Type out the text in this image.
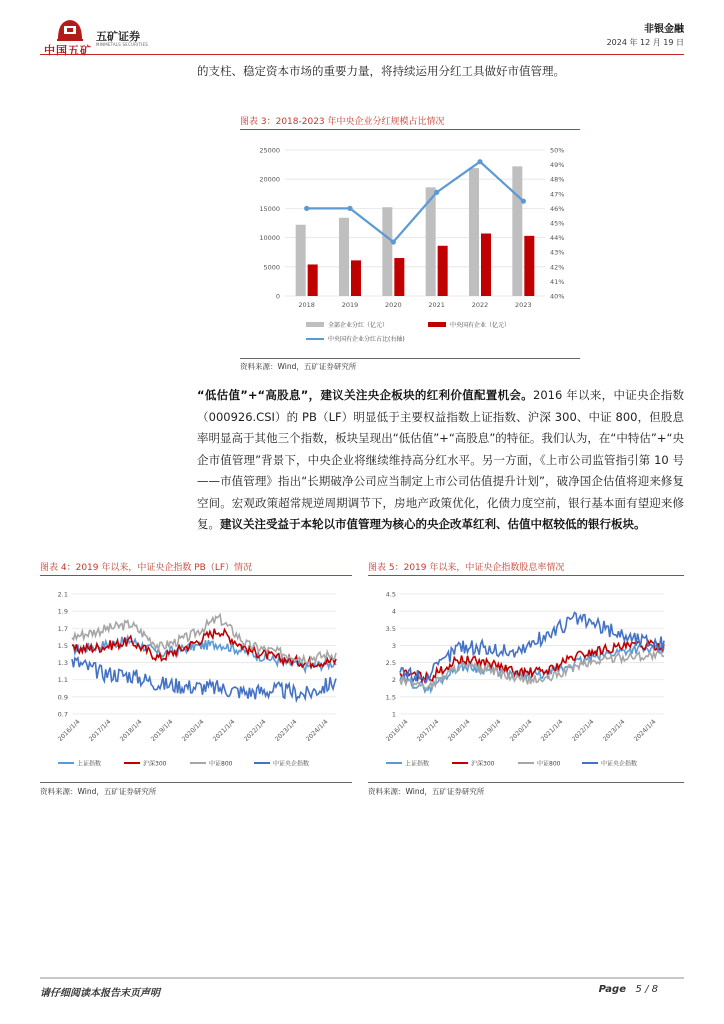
中国五矿
五矿证券
MINMETALS SECURITIES
非银金融
2024 年 12 月 19 日
的支柱、稳定资本市场的重要力量，将持续运用分红工具做好市值管理。
图表 3：2018-2023 年中央企业分红规模占比情况
0
5000
10000
15000
20000
25000
40%
41%
42%
43%
44%
45%
46%
47%
48%
49%
50%
2018	2019	2020	2021	2022	2023
全部企业分红（亿元）	中央国有企业（亿元）
中央国有企业分红占比(右轴)
资料来源：Wind，五矿证券研究所
“低估值”+“高股息”，建议关注央企板块的红利价值配置机会。2016 年以来，中证央企指数（000926.CSI）的 PB（LF）明显低于主要权益指数上证指数、沪深 300、中证 800，但股息率明显高于其他三个指数，板块呈现出“低估值”+“高股息”的特征。我们认为，在“中特估”+“央企市值管理”背景下，中央企业将继续维持高分红水平。另一方面，《上市公司监管指引第 10 号——市值管理》指出“长期破净公司应当制定上市公司估值提升计划”，破净国企估值将迎来修复空间。宏观政策超常规逆周期调节下，房地产政策优化，化债力度空前，银行基本面有望迎来修复。建议关注受益于本轮以市值管理为核心的央企改革红利、估值中枢较低的银行板块。
图表 4：2019 年以来，中证央企指数 PB（LF）情况
0.7
0.9
1.1
1.3
1.5
1.7
1.9
2.1
2016/1/4 2017/1/4 2018/1/4 2019/1/4 2020/1/4 2021/1/4 2022/1/4 2023/1/4 2024/1/4
上证指数	沪深300	中证800	中证央企指数
资料来源：Wind，五矿证券研究所
图表 5：2019 年以来，中证央企指数股息率情况
1
1.5
2
2.5
3
3.5
4
4.5
2016/1/4 2017/1/4 2018/1/4 2019/1/4 2020/1/4 2021/1/4 2022/1/4 2023/1/4 2024/1/4
上证指数	沪深300	中证800	中证央企指数
资料来源：Wind，五矿证券研究所
请仔细阅读本报告末页声明	Page 5 / 8
